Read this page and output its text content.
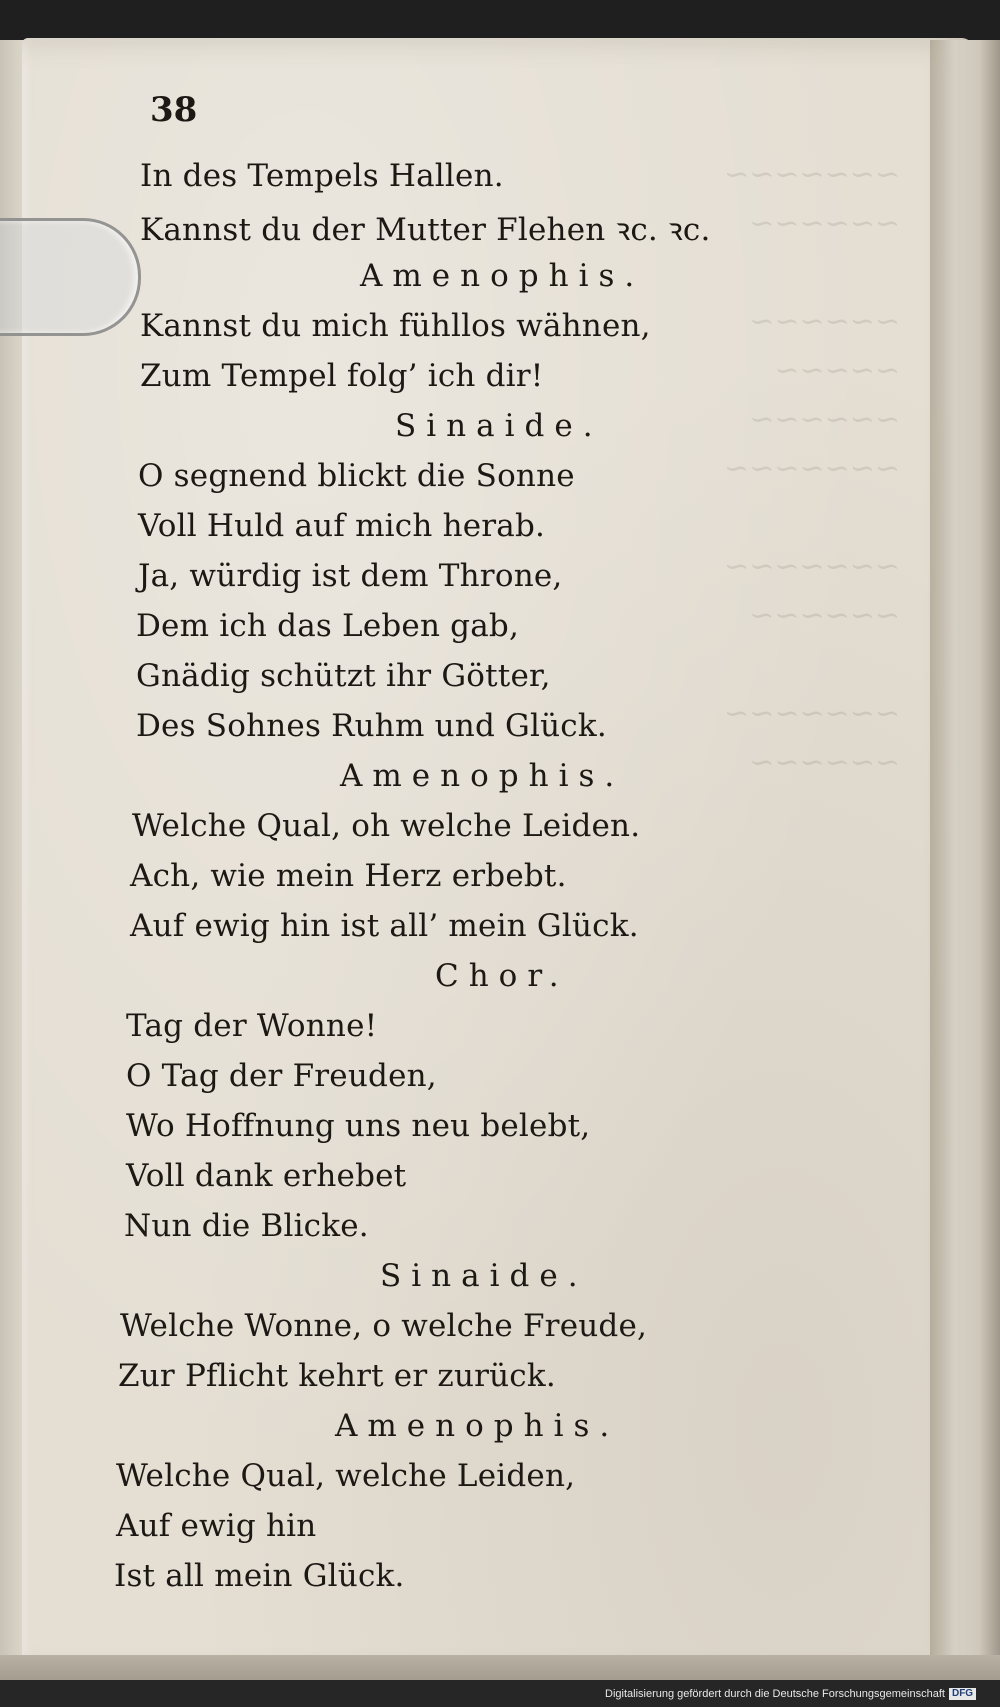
~~~~~~~
~~~~~~

~~~~~~
~~~~~
~~~~~~
~~~~~~~

~~~~~~~
~~~~~~

~~~~~~~
~~~~~~

38
In des Tempels Hallen.
Kannst du der Mutter Flehen ꝛc. ꝛc.
Amenophis.
Kannst du mich fühllos wähnen,
Zum Tempel folg’ ich dir!
Sinaide.
O segnend blickt die Sonne
Voll Huld auf mich herab.
Ja, würdig ist dem Throne,
Dem ich das Leben gab,
Gnädig schützt ihr Götter,
Des Sohnes Ruhm und Glück.
Amenophis.
Welche Qual, oh welche Leiden.
Ach, wie mein Herz erbebt.
Auf ewig hin ist all’ mein Glück.
Chor.
Tag der Wonne!
O Tag der Freuden,
Wo Hoffnung uns neu belebt,
Voll dank erhebet
Nun die Blicke.
Sinaide.
Welche Wonne, o welche Freude,
Zur Pflicht kehrt er zurück.
Amenophis.
Welche Qual, welche Leiden,
Auf ewig hin
Ist all mein Glück.
Digitalisierung gefördert durch die Deutsche Forschungsgemeinschaft DFG
